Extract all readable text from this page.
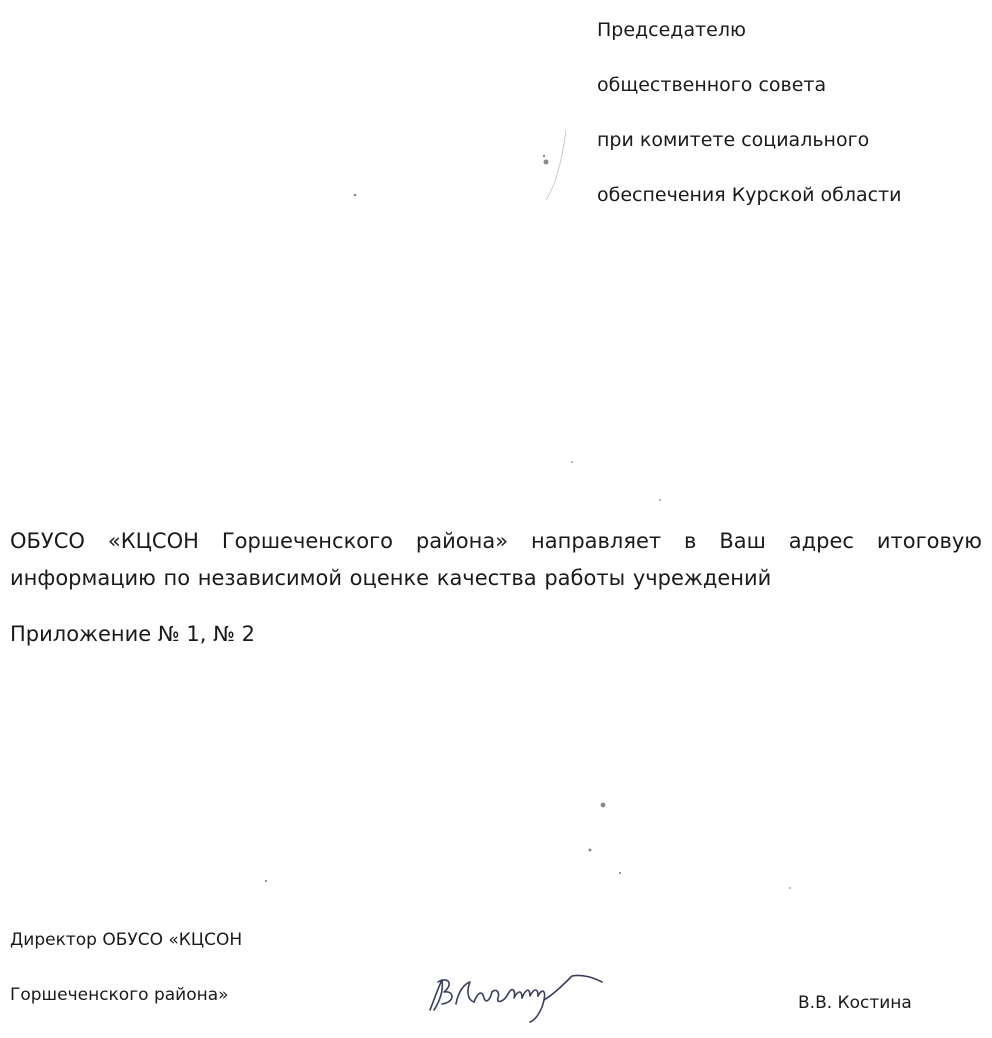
Председателю
общественного совета
при комитете социального
обеспечения Курской области
ОБУСО «КЦСОН Горшеченского района» направляет в Ваш адрес итоговую информацию по независимой оценке качества работы учреждений
Приложение № 1, № 2
Директор ОБУСО «КЦСОН
Горшеченского района»	В.В. Костина
